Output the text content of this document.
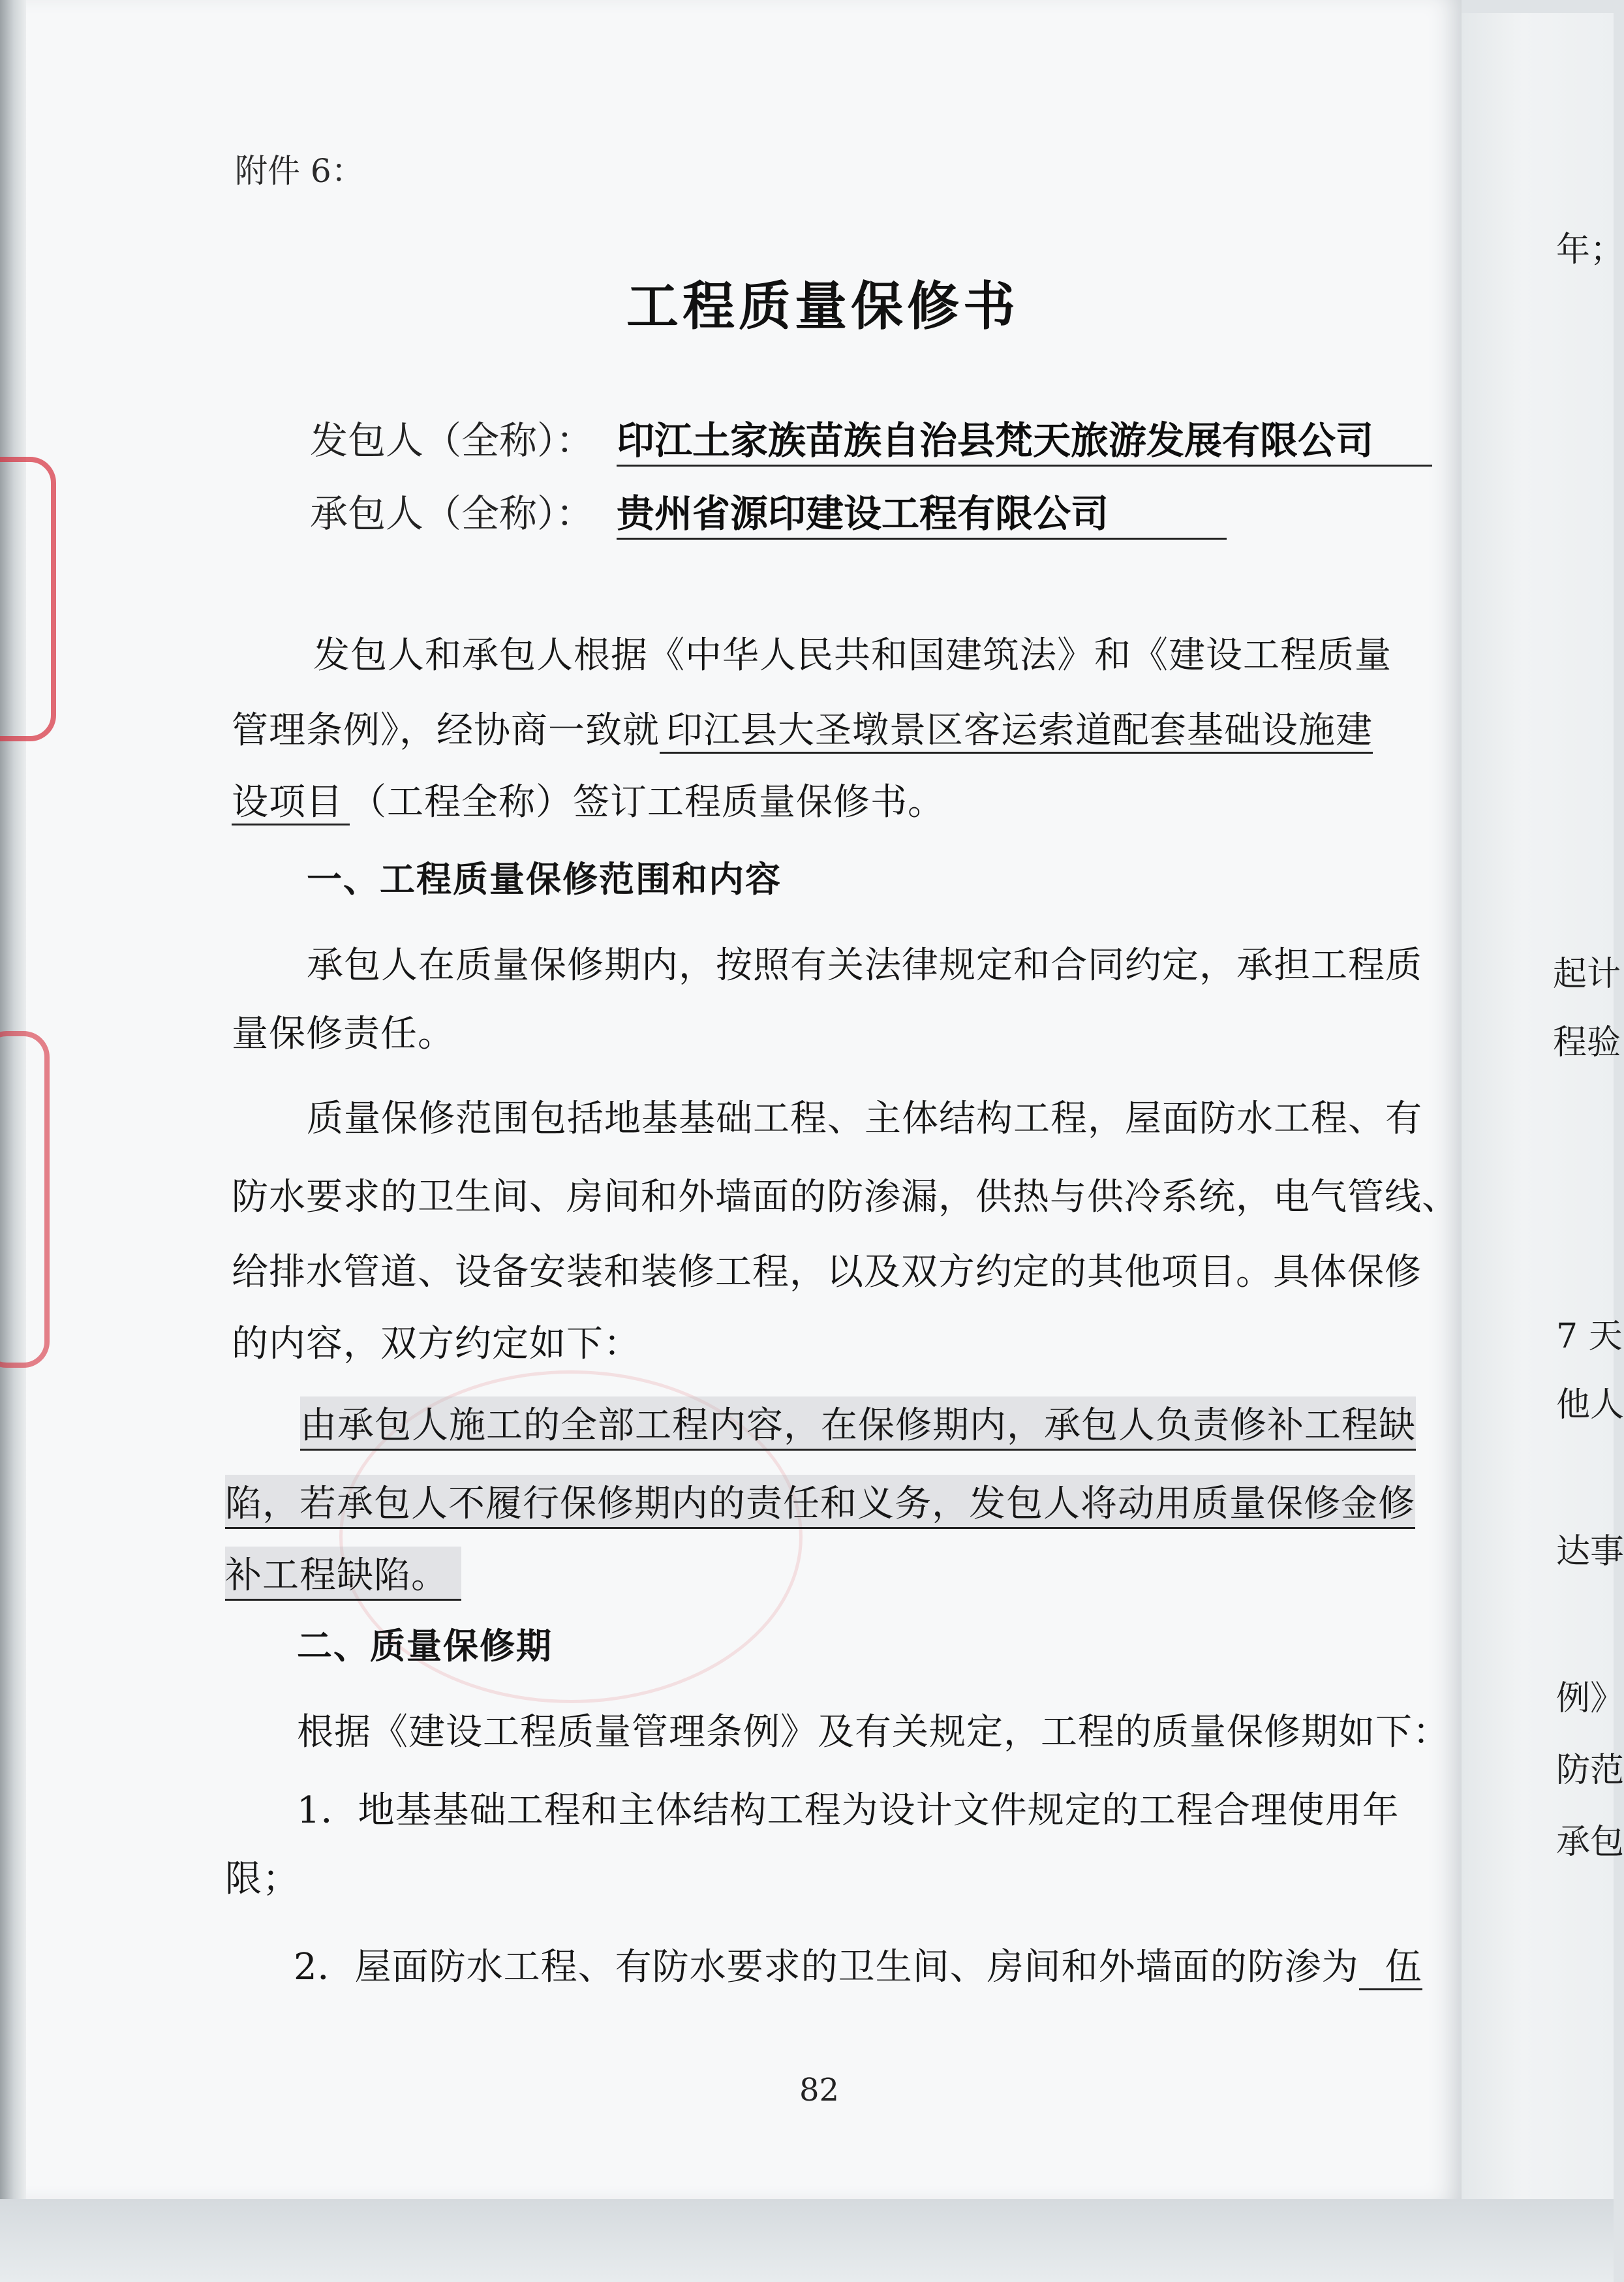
附件 6：
工程质量保修书
发包人（全称）： 印江土家族苗族自治县梵天旅游发展有限公司
承包人（全称）： 贵州省源印建设工程有限公司
发包人和承包人根据《中华人民共和国建筑法》和《建设工程质量
管理条例》，经协商一致就 印江县大圣墩景区客运索道配套基础设施建
设项目 （工程全称）签订工程质量保修书。
一、工程质量保修范围和内容
承包人在质量保修期内，按照有关法律规定和合同约定，承担工程质
量保修责任。
质量保修范围包括地基基础工程、主体结构工程，屋面防水工程、有
防水要求的卫生间、房间和外墙面的防渗漏，供热与供冷系统，电气管线、
给排水管道、设备安装和装修工程，以及双方约定的其他项目。具体保修
的内容，双方约定如下：
由承包人施工的全部工程内容，在保修期内，承包人负责修补工程缺
陷，若承包人不履行保修期内的责任和义务，发包人将动用质量保修金修
补工程缺陷。
二、质量保修期
根据《建设工程质量管理条例》及有关规定，工程的质量保修期如下：
1．地基基础工程和主体结构工程为设计文件规定的工程合理使用年
限；
2．屋面防水工程、有防水要求的卫生间、房间和外墙面的防渗为 伍
82
年；
起计
程验
7 天
他人
达事
例》
防范
承包
